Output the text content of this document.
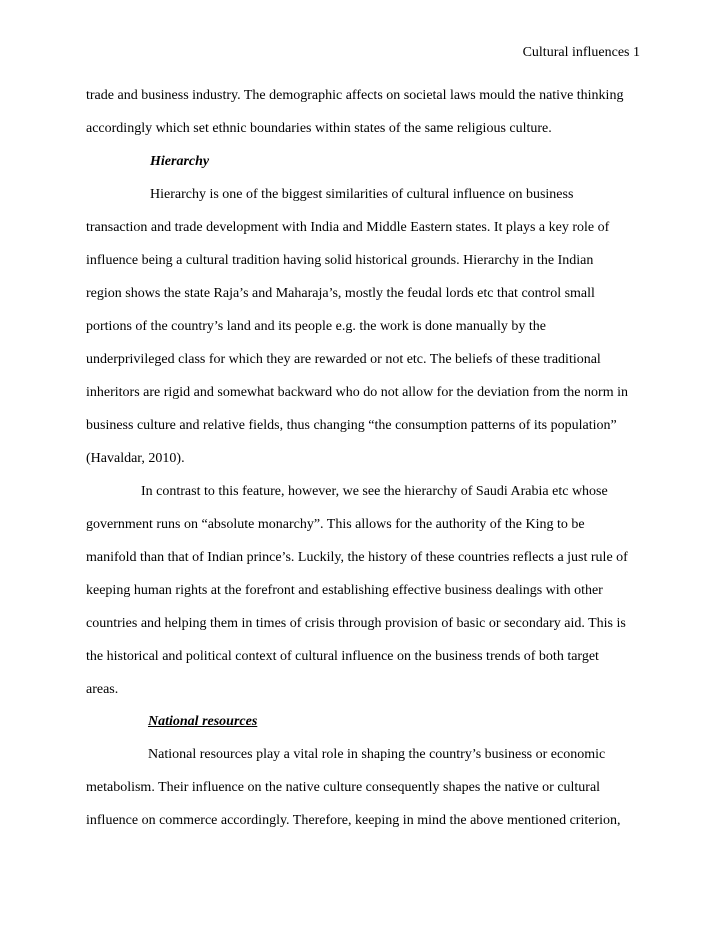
Cultural influences 1
trade and business industry. The demographic affects on societal laws mould the native thinking
accordingly which set ethnic boundaries within states of the same religious culture.
Hierarchy
Hierarchy is one of the biggest similarities of cultural influence on business
transaction and trade development with India and Middle Eastern states. It plays a key role of
influence being a cultural tradition having solid historical grounds. Hierarchy in the Indian
region shows the state Raja’s and Maharaja’s, mostly the feudal lords etc that control small
portions of the country’s land and its people e.g. the work is done manually by the
underprivileged class for which they are rewarded or not etc. The beliefs of these traditional
inheritors are rigid and somewhat backward who do not allow for the deviation from the norm in
business culture and relative fields, thus changing “the consumption patterns of its population”
(Havaldar, 2010).
In contrast to this feature, however, we see the hierarchy of Saudi Arabia etc whose
government runs on “absolute monarchy”. This allows for the authority of the King to be
manifold than that of Indian prince’s. Luckily, the history of these countries reflects a just rule of
keeping human rights at the forefront and establishing effective business dealings with other
countries and helping them in times of crisis through provision of basic or secondary aid. This is
the historical and political context of cultural influence on the business trends of both target
areas.
National resources
National resources play a vital role in shaping the country’s business or economic
metabolism. Their influence on the native culture consequently shapes the native or cultural
influence on commerce accordingly. Therefore, keeping in mind the above mentioned criterion,
